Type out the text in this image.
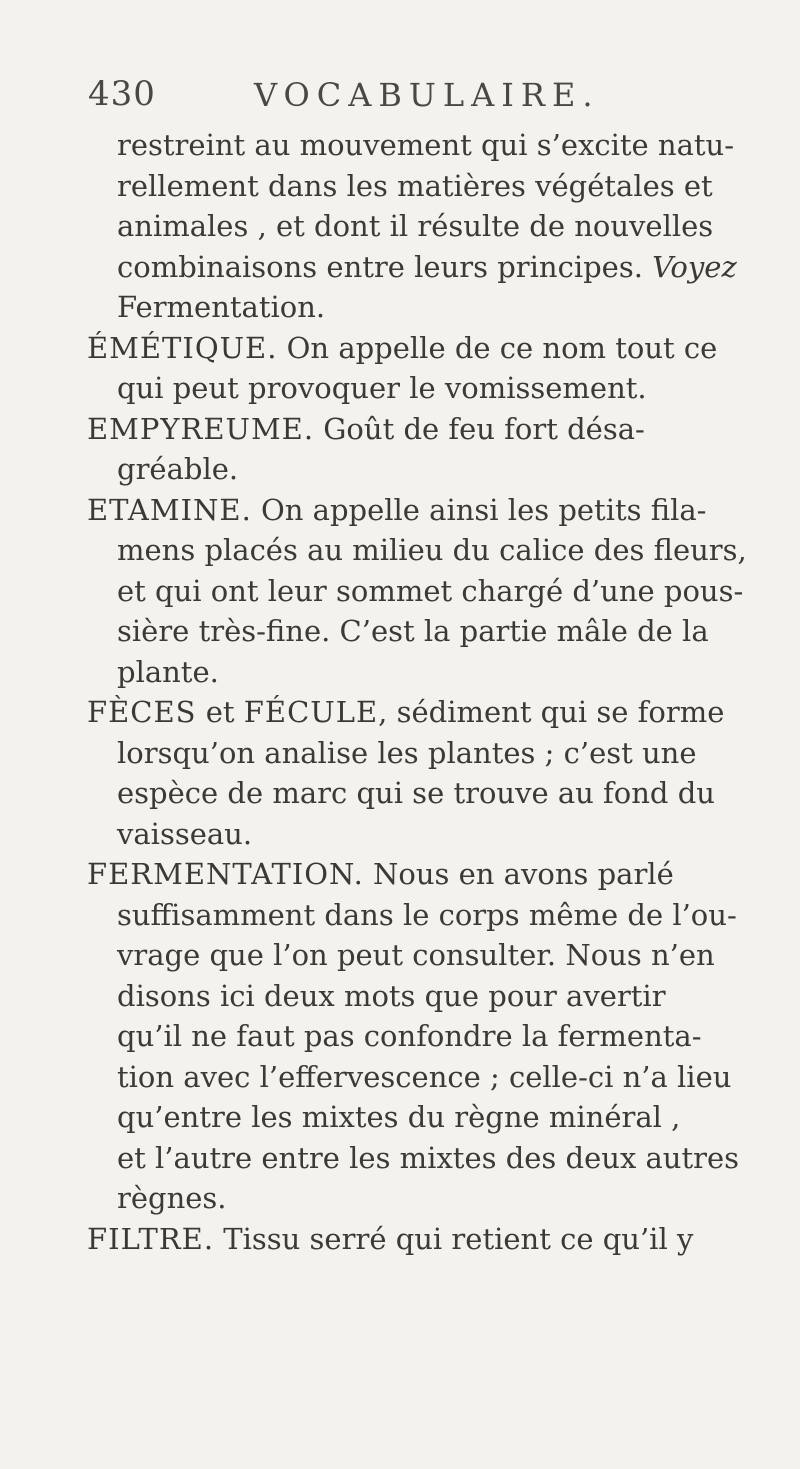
430	VOCABULAIRE.
restreint au mouvement qui s’excite natu-
rellement dans les matières végétales et
animales , et dont il résulte de nouvelles
combinaisons entre leurs principes. Voyez
Fermentation.
ÉMÉTIQUE. On appelle de ce nom tout ce
qui peut provoquer le vomissement.
EMPYREUME. Goût de feu fort désa-
gréable.
ETAMINE. On appelle ainsi les petits fila-
mens placés au milieu du calice des fleurs,
et qui ont leur sommet chargé d’une pous-
sière très-fine. C’est la partie mâle de la
plante.
FÈCES et FÉCULE, sédiment qui se forme
lorsqu’on analise les plantes ; c’est une
espèce de marc qui se trouve au fond du
vaisseau.
FERMENTATION. Nous en avons parlé
suffisamment dans le corps même de l’ou-
vrage que l’on peut consulter. Nous n’en
disons ici deux mots que pour avertir
qu’il ne faut pas confondre la fermenta-
tion avec l’effervescence ; celle-ci n’a lieu
qu’entre les mixtes du règne minéral ,
et l’autre entre les mixtes des deux autres
règnes.
FILTRE. Tissu serré qui retient ce qu’il y
